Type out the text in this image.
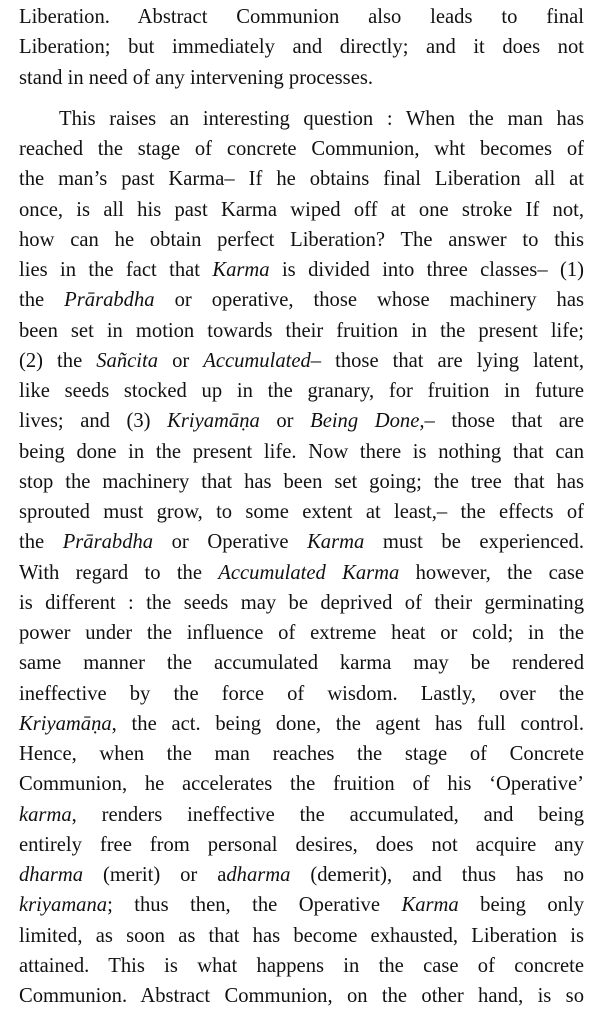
Liberation. Abstract Communion also leads to final
Liberation; but immediately and directly; and it does not
stand in need of any intervening processes.
This raises an interesting question : When the man has
reached the stage of concrete Communion, wht becomes of
the man’s past Karma– If he obtains final Liberation all at
once, is all his past Karma wiped off at one stroke If not,
how can he obtain perfect Liberation? The answer to this
lies in the fact that Karma is divided into three classes– (1)
the Prārabdha or operative, those whose machinery has
been set in motion towards their fruition in the present life;
(2) the Sañcita or Accumulated– those that are lying latent,
like seeds stocked up in the granary, for fruition in future
lives; and (3) Kriyamāṇa or Being Done,– those that are
being done in the present life. Now there is nothing that can
stop the machinery that has been set going; the tree that has
sprouted must grow, to some extent at least,– the effects of
the Prārabdha or Operative Karma must be experienced.
With regard to the Accumulated Karma however, the case
is different : the seeds may be deprived of their germinating
power under the influence of extreme heat or cold; in the
same manner the accumulated karma may be rendered
ineffective by the force of wisdom. Lastly, over the
Kriyamāṇa, the act. being done, the agent has full control.
Hence, when the man reaches the stage of Concrete
Communion, he accelerates the fruition of his ‘Operative’
karma, renders ineffective the accumulated, and being
entirely free from personal desires, does not acquire any
dharma (merit) or adharma (demerit), and thus has no
kriyamana; thus then, the Operative Karma being only
limited, as soon as that has become exhausted, Liberation is
attained. This is what happens in the case of concrete
Communion. Abstract Communion, on the other hand, is so
